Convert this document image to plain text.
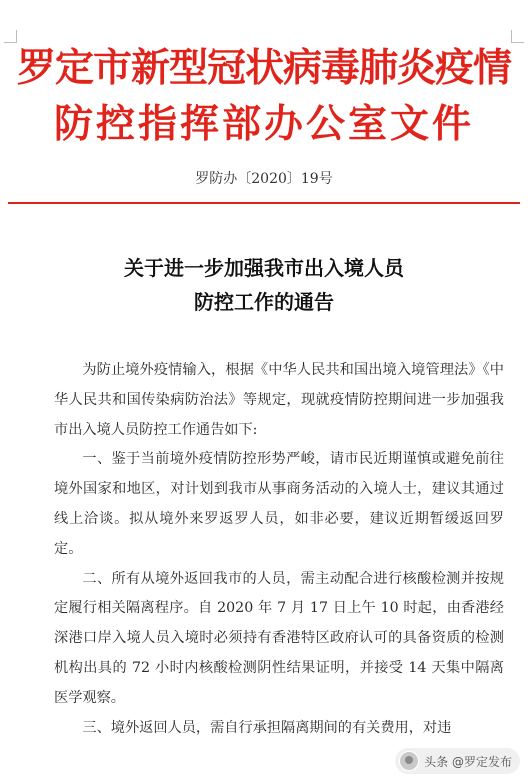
罗定市新型冠状病毒肺炎疫情
防控指挥部办公室文件
罗防办〔2020〕19号
关于进一步加强我市出入境人员
防控工作的通告

为防止境外疫情输入，根据《中华人民共和国出境入境管理法》《中华人民共和国传染病防治法》等规定，现就疫情防控期间进一步加强我市出入境人员防控工作通告如下:

一、鉴于当前境外疫情防控形势严峻，请市民近期谨慎或避免前往境外国家和地区，对计划到我市从事商务活动的入境人士，建议其通过线上洽谈。拟从境外来罗返罗人员，如非必要，建议近期暂缓返回罗定。

二、所有从境外返回我市的人员，需主动配合进行核酸检测并按规定履行相关隔离程序。自 2020 年 7 月 17 日上午 10 时起，由香港经深港口岸入境人员入境时必须持有香港特区政府认可的具备资质的检测机构出具的 72 小时内核酸检测阴性结果证明，并接受 14 天集中隔离医学观察。

三、境外返回人员，需自行承担隔离期间的有关费用，对违

头条 @罗定发布
